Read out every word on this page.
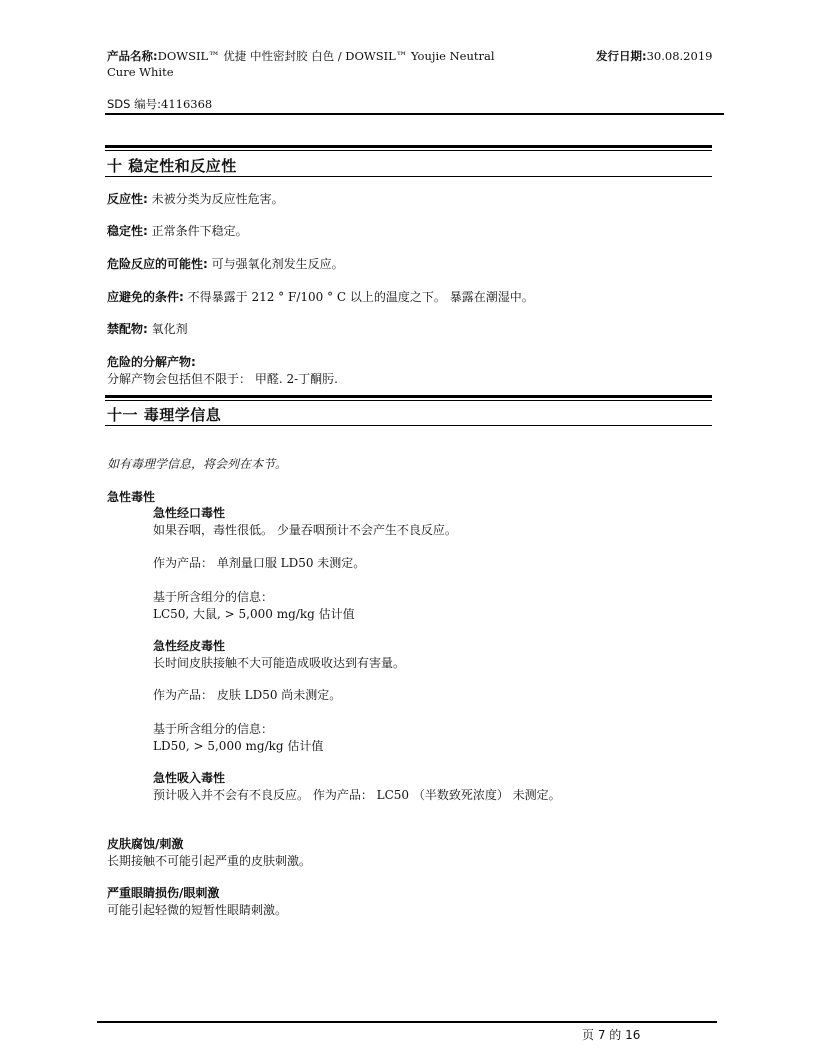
产品名称:DOWSIL™ 优捷 中性密封胶 白色 / DOWSIL™ Youjie Neutral
Cure White
发行日期:30.08.2019
SDS 编号:4116368
十 稳定性和反应性
反应性: 未被分类为反应性危害。
稳定性: 正常条件下稳定。
危险反应的可能性: 可与强氧化剂发生反应。
应避免的条件: 不得暴露于 212 ° F/100 ° C 以上的温度之下。 暴露在潮湿中。
禁配物: 氧化剂
危险的分解产物:
分解产物会包括但不限于： 甲醛. 2-丁酮肟.
十一 毒理学信息
如有毒理学信息，将会列在本节。
急性毒性
急性经口毒性
如果吞咽，毒性很低。 少量吞咽预计不会产生不良反应。
作为产品： 单剂量口服 LD50 未测定。
基于所含组分的信息：
LC50, 大鼠, > 5,000 mg/kg 估计值
急性经皮毒性
长时间皮肤接触不大可能造成吸收达到有害量。
作为产品： 皮肤 LD50 尚未测定。
基于所含组分的信息：
LD50, > 5,000 mg/kg 估计值
急性吸入毒性
预计吸入并不会有不良反应。 作为产品： LC50 （半数致死浓度） 未测定。
皮肤腐蚀/刺激
长期接触不可能引起严重的皮肤刺激。
严重眼睛损伤/眼刺激
可能引起轻微的短暂性眼睛刺激。
页 7 的 16
